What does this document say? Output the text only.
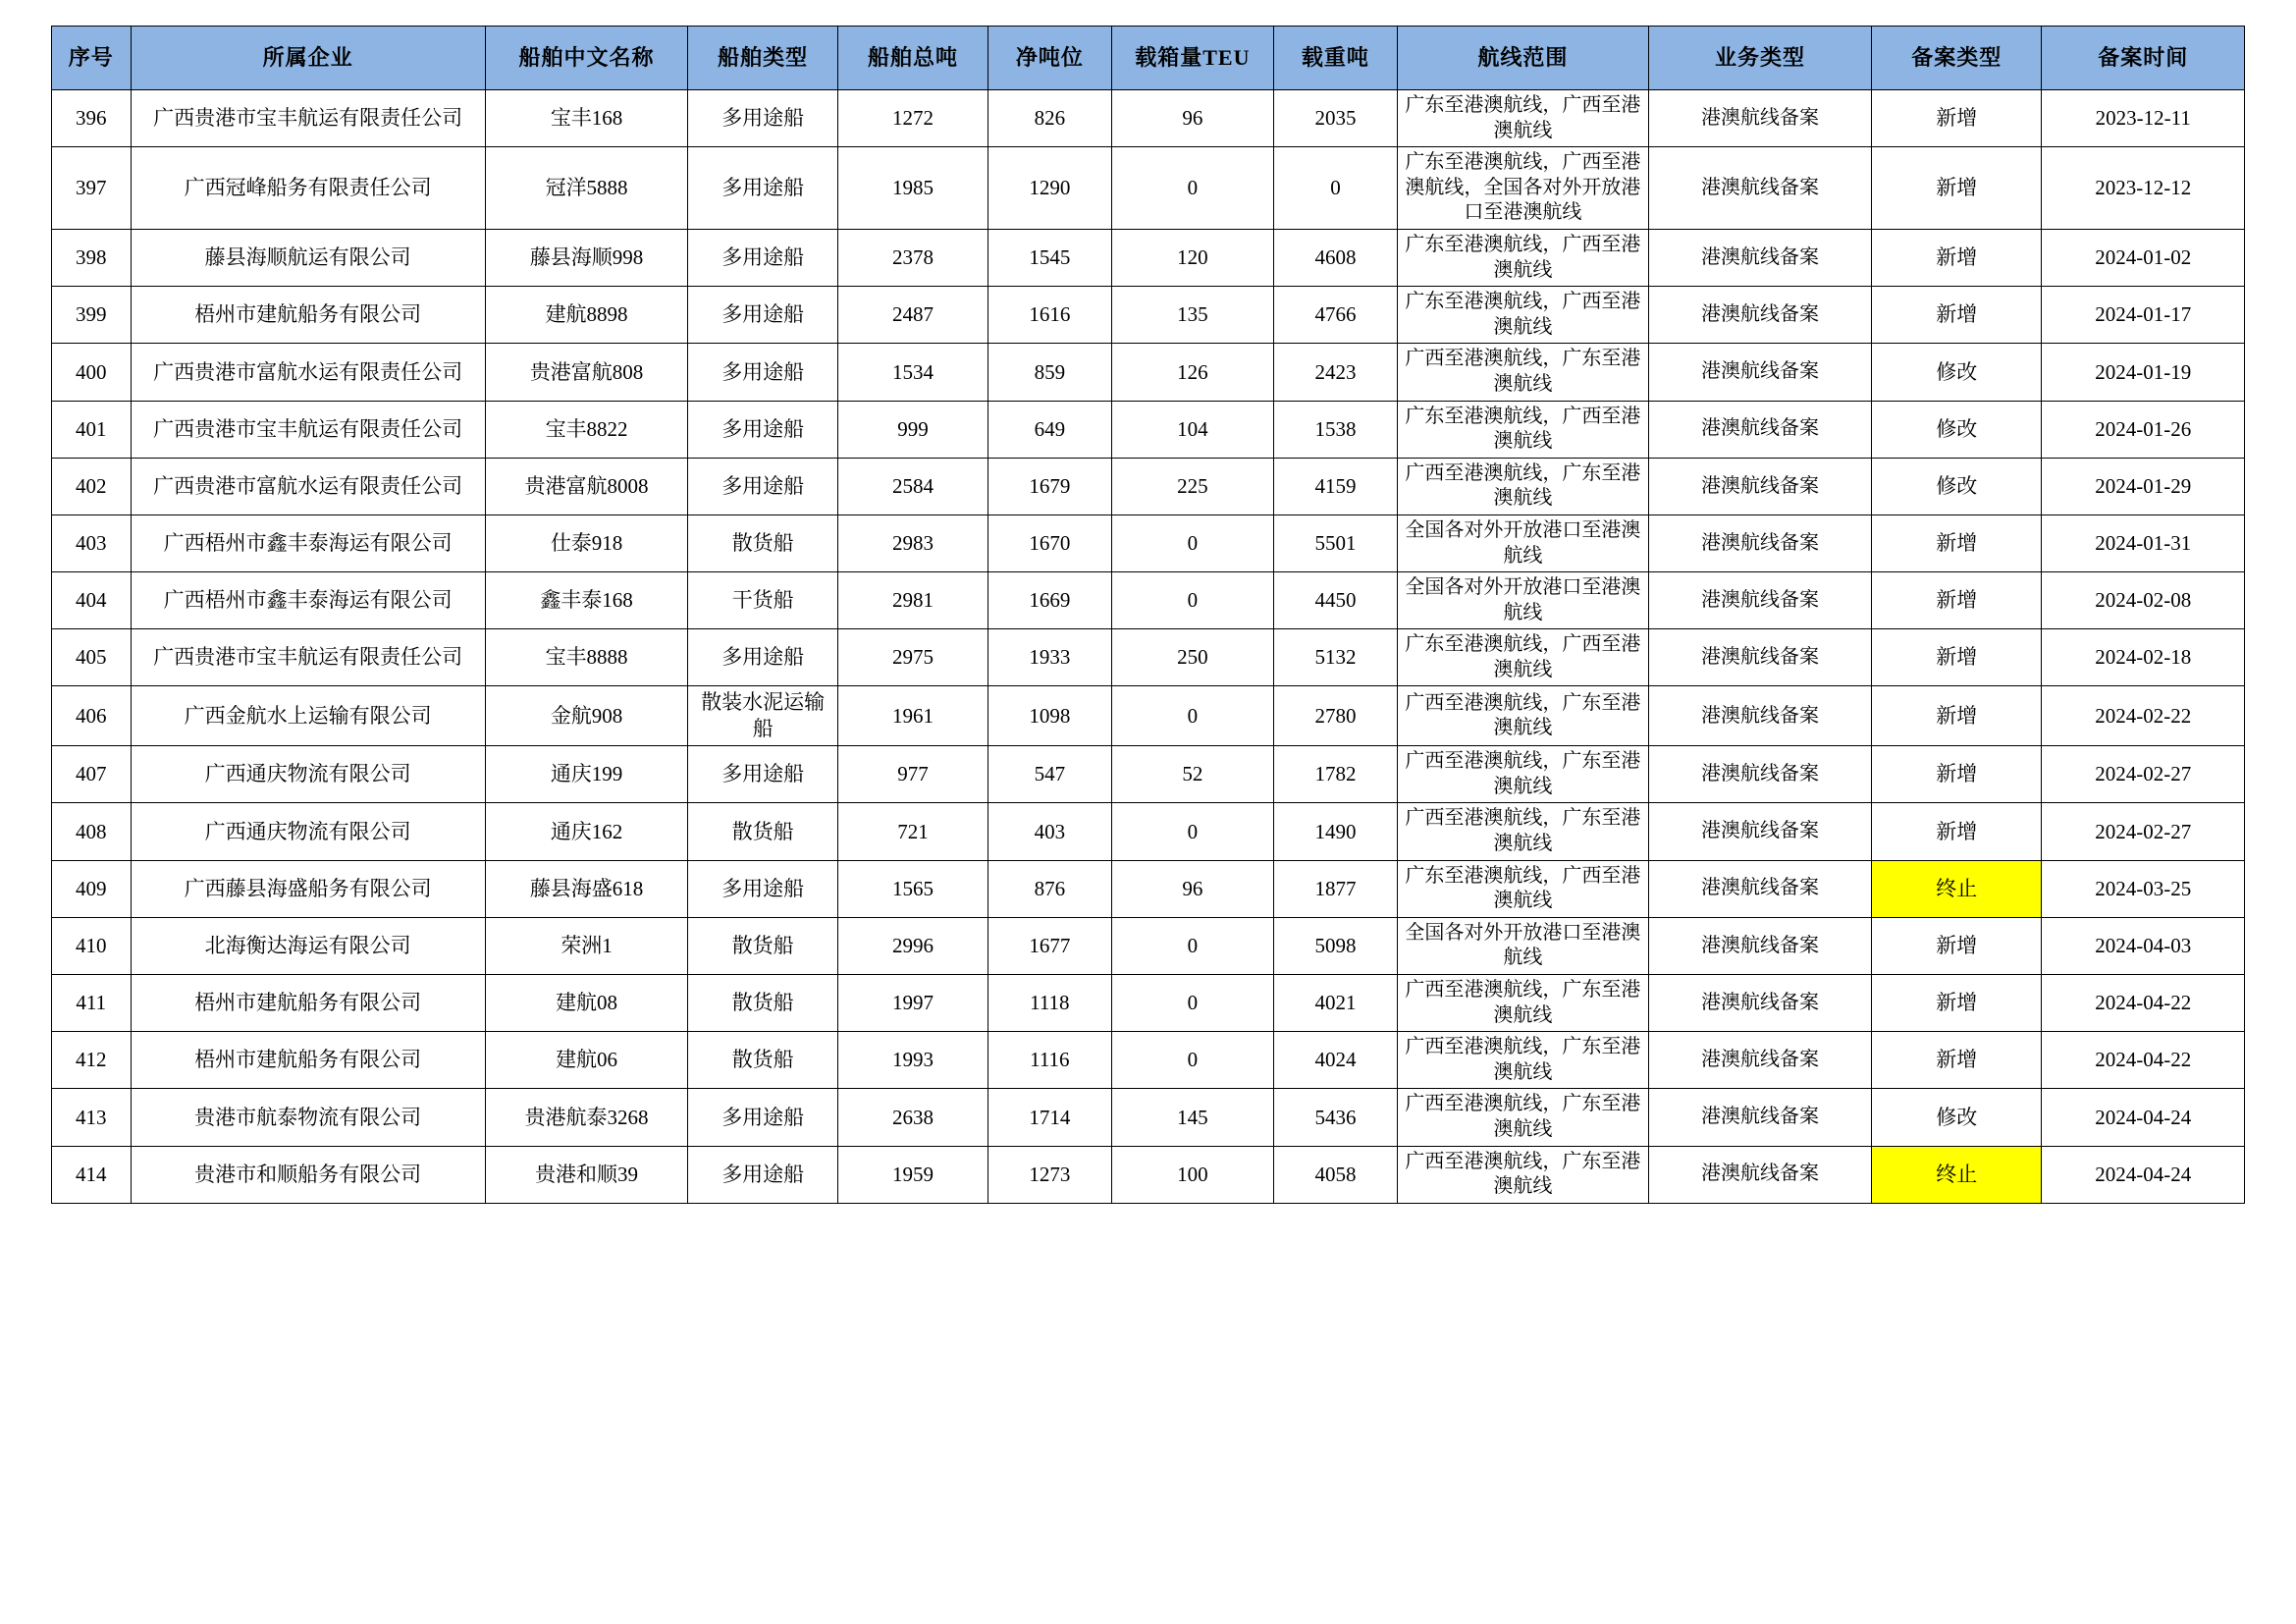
序号	所属企业	船舶中文名称	船舶类型	船舶总吨	净吨位	载箱量TEU	载重吨	航线范围	业务类型	备案类型	备案时间
396	广西贵港市宝丰航运有限责任公司	宝丰168	多用途船	1272	826	96	2035	广东至港澳航线，广西至港澳航线	港澳航线备案	新增	2023-12-11
397	广西冠峰船务有限责任公司	冠洋5888	多用途船	1985	1290	0	0	广东至港澳航线，广西至港澳航线，全国各对外开放港口至港澳航线	港澳航线备案	新增	2023-12-12
398	藤县海顺航运有限公司	藤县海顺998	多用途船	2378	1545	120	4608	广东至港澳航线，广西至港澳航线	港澳航线备案	新增	2024-01-02
399	梧州市建航船务有限公司	建航8898	多用途船	2487	1616	135	4766	广东至港澳航线，广西至港澳航线	港澳航线备案	新增	2024-01-17
400	广西贵港市富航水运有限责任公司	贵港富航808	多用途船	1534	859	126	2423	广西至港澳航线，广东至港澳航线	港澳航线备案	修改	2024-01-19
401	广西贵港市宝丰航运有限责任公司	宝丰8822	多用途船	999	649	104	1538	广东至港澳航线，广西至港澳航线	港澳航线备案	修改	2024-01-26
402	广西贵港市富航水运有限责任公司	贵港富航8008	多用途船	2584	1679	225	4159	广西至港澳航线，广东至港澳航线	港澳航线备案	修改	2024-01-29
403	广西梧州市鑫丰泰海运有限公司	仕泰918	散货船	2983	1670	0	5501	全国各对外开放港口至港澳航线	港澳航线备案	新增	2024-01-31
404	广西梧州市鑫丰泰海运有限公司	鑫丰泰168	干货船	2981	1669	0	4450	全国各对外开放港口至港澳航线	港澳航线备案	新增	2024-02-08
405	广西贵港市宝丰航运有限责任公司	宝丰8888	多用途船	2975	1933	250	5132	广东至港澳航线，广西至港澳航线	港澳航线备案	新增	2024-02-18
406	广西金航水上运输有限公司	金航908	散装水泥运输船	1961	1098	0	2780	广西至港澳航线，广东至港澳航线	港澳航线备案	新增	2024-02-22
407	广西通庆物流有限公司	通庆199	多用途船	977	547	52	1782	广西至港澳航线，广东至港澳航线	港澳航线备案	新增	2024-02-27
408	广西通庆物流有限公司	通庆162	散货船	721	403	0	1490	广西至港澳航线，广东至港澳航线	港澳航线备案	新增	2024-02-27
409	广西藤县海盛船务有限公司	藤县海盛618	多用途船	1565	876	96	1877	广东至港澳航线，广西至港澳航线	港澳航线备案	终止	2024-03-25
410	北海衡达海运有限公司	荣洲1	散货船	2996	1677	0	5098	全国各对外开放港口至港澳航线	港澳航线备案	新增	2024-04-03
411	梧州市建航船务有限公司	建航08	散货船	1997	1118	0	4021	广西至港澳航线，广东至港澳航线	港澳航线备案	新增	2024-04-22
412	梧州市建航船务有限公司	建航06	散货船	1993	1116	0	4024	广西至港澳航线，广东至港澳航线	港澳航线备案	新增	2024-04-22
413	贵港市航泰物流有限公司	贵港航泰3268	多用途船	2638	1714	145	5436	广西至港澳航线，广东至港澳航线	港澳航线备案	修改	2024-04-24
414	贵港市和顺船务有限公司	贵港和顺39	多用途船	1959	1273	100	4058	广西至港澳航线，广东至港澳航线	港澳航线备案	终止	2024-04-24
